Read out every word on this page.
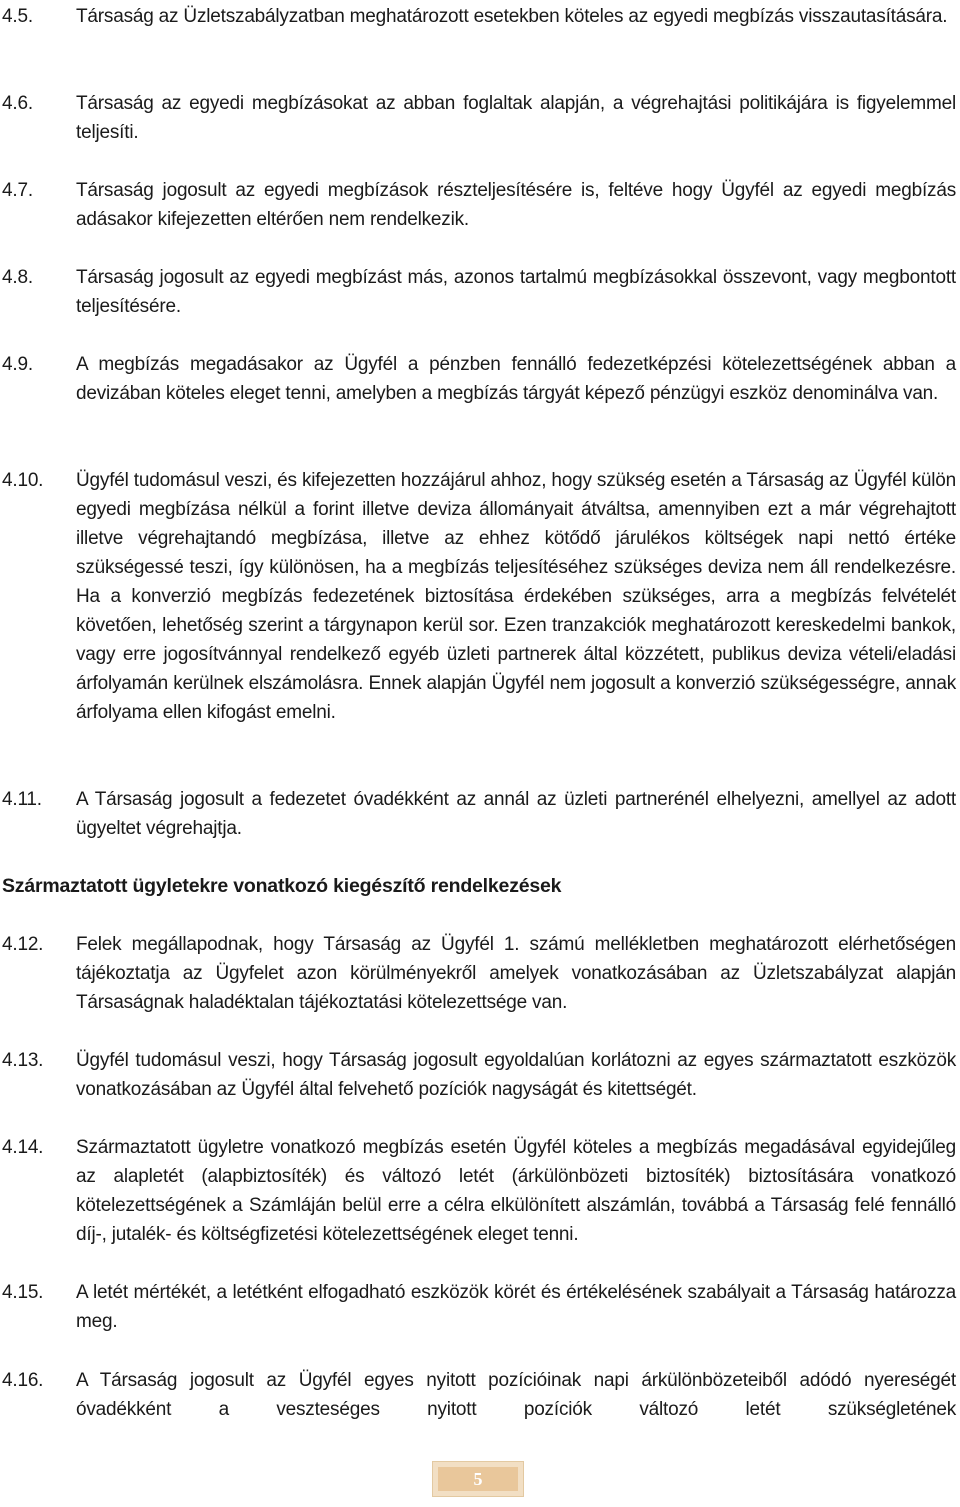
4.5. Társaság az Üzletszabályzatban meghatározott esetekben köteles az egyedi megbízás visszautasítására.
4.6. Társaság az egyedi megbízásokat az abban foglaltak alapján, a végrehajtási politikájára is figyelemmel teljesíti.
4.7. Társaság jogosult az egyedi megbízások részteljesítésére is, feltéve hogy Ügyfél az egyedi megbízás adásakor kifejezetten eltérően nem rendelkezik.
4.8. Társaság jogosult az egyedi megbízást más, azonos tartalmú megbízásokkal összevont, vagy megbontott teljesítésére.
4.9. A megbízás megadásakor az Ügyfél a pénzben fennálló fedezetképzési kötelezettségének abban a devizában köteles eleget tenni, amelyben a megbízás tárgyát képező pénzügyi eszköz denominálva van.
4.10. Ügyfél tudomásul veszi, és kifejezetten hozzájárul ahhoz, hogy szükség esetén a Társaság az Ügyfél külön egyedi megbízása nélkül a forint illetve deviza állományait átváltsa, amennyiben ezt a már végrehajtott illetve végrehajtandó megbízása, illetve az ehhez kötődő járulékos költségek napi nettó értéke szükségessé teszi, így különösen, ha a megbízás teljesítéséhez szükséges deviza nem áll rendelkezésre. Ha a konverzió megbízás fedezetének biztosítása érdekében szükséges, arra a megbízás felvételét követően, lehetőség szerint a tárgynapon kerül sor. Ezen tranzakciók meghatározott kereskedelmi bankok, vagy erre jogosítvánnyal rendelkező egyéb üzleti partnerek által közzétett, publikus deviza vételi/eladási árfolyamán kerülnek elszámolásra. Ennek alapján Ügyfél nem jogosult a konverzió szükségességre, annak árfolyama ellen kifogást emelni.
4.11. A Társaság jogosult a fedezetet óvadékként az annál az üzleti partnerénél elhelyezni, amellyel az adott ügyeltet végrehajtja.
Származtatott ügyletekre vonatkozó kiegészítő rendelkezések
4.12. Felek megállapodnak, hogy Társaság az Ügyfél 1. számú mellékletben meghatározott elérhetőségen tájékoztatja az Ügyfelet azon körülményekről amelyek vonatkozásában az Üzletszabályzat alapján Társaságnak haladéktalan tájékoztatási kötelezettsége van.
4.13. Ügyfél tudomásul veszi, hogy Társaság jogosult egyoldalúan korlátozni az egyes származtatott eszközök vonatkozásában az Ügyfél által felvehető pozíciók nagyságát és kitettségét.
4.14. Származtatott ügyletre vonatkozó megbízás esetén Ügyfél köteles a megbízás megadásával egyidejűleg az alapletét (alapbiztosíték) és változó letét (árkülönbözeti biztosíték) biztosítására vonatkozó kötelezettségének a Számláján belül erre a célra elkülönített alszámlán, továbbá a Társaság felé fennálló díj-, jutalék- és költségfizetési kötelezettségének eleget tenni.
4.15. A letét mértékét, a letétként elfogadható eszközök körét és értékelésének szabályait a Társaság határozza meg.
4.16. A Társaság jogosult az Ügyfél egyes nyitott pozícióinak napi árkülönbözeteiből adódó nyereségét óvadékként a veszteséges nyitott pozíciók változó letét szükségletének
5
